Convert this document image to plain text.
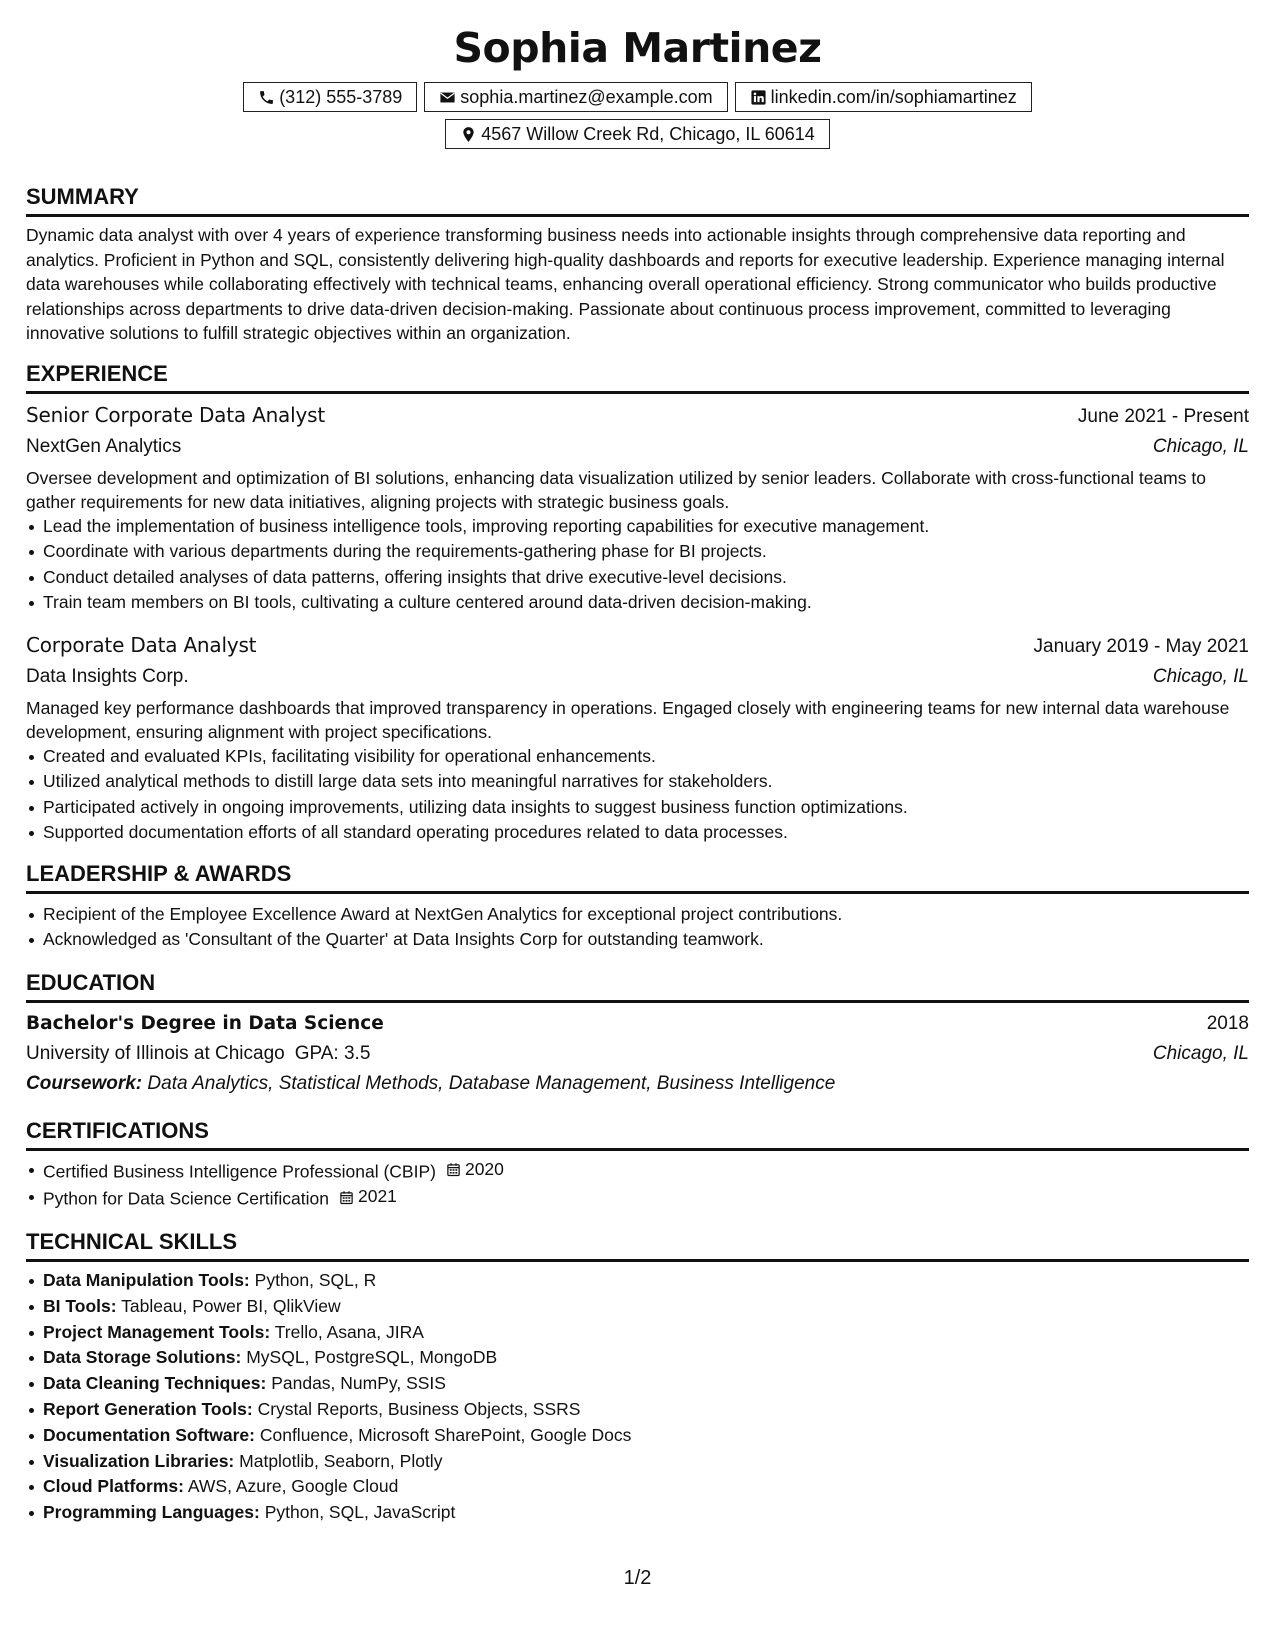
Sophia Martinez
(312) 555-3789	sophia.martinez@example.com	linkedin.com/in/sophiamartinez
4567 Willow Creek Rd, Chicago, IL 60614
SUMMARY

Dynamic data analyst with over 4 years of experience transforming business needs into actionable insights through comprehensive data reporting and analytics. Proficient in Python and SQL, consistently delivering high-quality dashboards and reports for executive leadership. Experience managing internal data warehouses while collaborating effectively with technical teams, enhancing overall operational efficiency. Strong communicator who builds productive relationships across departments to drive data-driven decision-making. Passionate about continuous process improvement, committed to leveraging innovative solutions to fulfill strategic objectives within an organization.

EXPERIENCE
Senior Corporate Data Analyst	June 2021 - Present
NextGen Analytics	Chicago, IL

Oversee development and optimization of BI solutions, enhancing data visualization utilized by senior leaders. Collaborate with cross-functional teams to gather requirements for new data initiatives, aligning projects with strategic business goals.

Lead the implementation of business intelligence tools, improving reporting capabilities for executive management.
Coordinate with various departments during the requirements-gathering phase for BI projects.
Conduct detailed analyses of data patterns, offering insights that drive executive-level decisions.
Train team members on BI tools, cultivating a culture centered around data-driven decision-making.
Corporate Data Analyst	January 2019 - May 2021
Data Insights Corp.	Chicago, IL

Managed key performance dashboards that improved transparency in operations. Engaged closely with engineering teams for new internal data warehouse development, ensuring alignment with project specifications.

Created and evaluated KPIs, facilitating visibility for operational enhancements.
Utilized analytical methods to distill large data sets into meaningful narratives for stakeholders.
Participated actively in ongoing improvements, utilizing data insights to suggest business function optimizations.
Supported documentation efforts of all standard operating procedures related to data processes.
LEADERSHIP & AWARDS
Recipient of the Employee Excellence Award at NextGen Analytics for exceptional project contributions.
Acknowledged as 'Consultant of the Quarter' at Data Insights Corp for outstanding teamwork.
EDUCATION
Bachelor's Degree in Data Science	2018
University of Illinois at Chicago GPA: 3.5	Chicago, IL
Coursework: Data Analytics, Statistical Methods, Database Management, Business Intelligence
CERTIFICATIONS
Certified Business Intelligence Professional (CBIP) 2020
Python for Data Science Certification 2021
TECHNICAL SKILLS
Data Manipulation Tools: Python, SQL, R
BI Tools: Tableau, Power BI, QlikView
Project Management Tools: Trello, Asana, JIRA
Data Storage Solutions: MySQL, PostgreSQL, MongoDB
Data Cleaning Techniques: Pandas, NumPy, SSIS
Report Generation Tools: Crystal Reports, Business Objects, SSRS
Documentation Software: Confluence, Microsoft SharePoint, Google Docs
Visualization Libraries: Matplotlib, Seaborn, Plotly
Cloud Platforms: AWS, Azure, Google Cloud
Programming Languages: Python, SQL, JavaScript
1/2
